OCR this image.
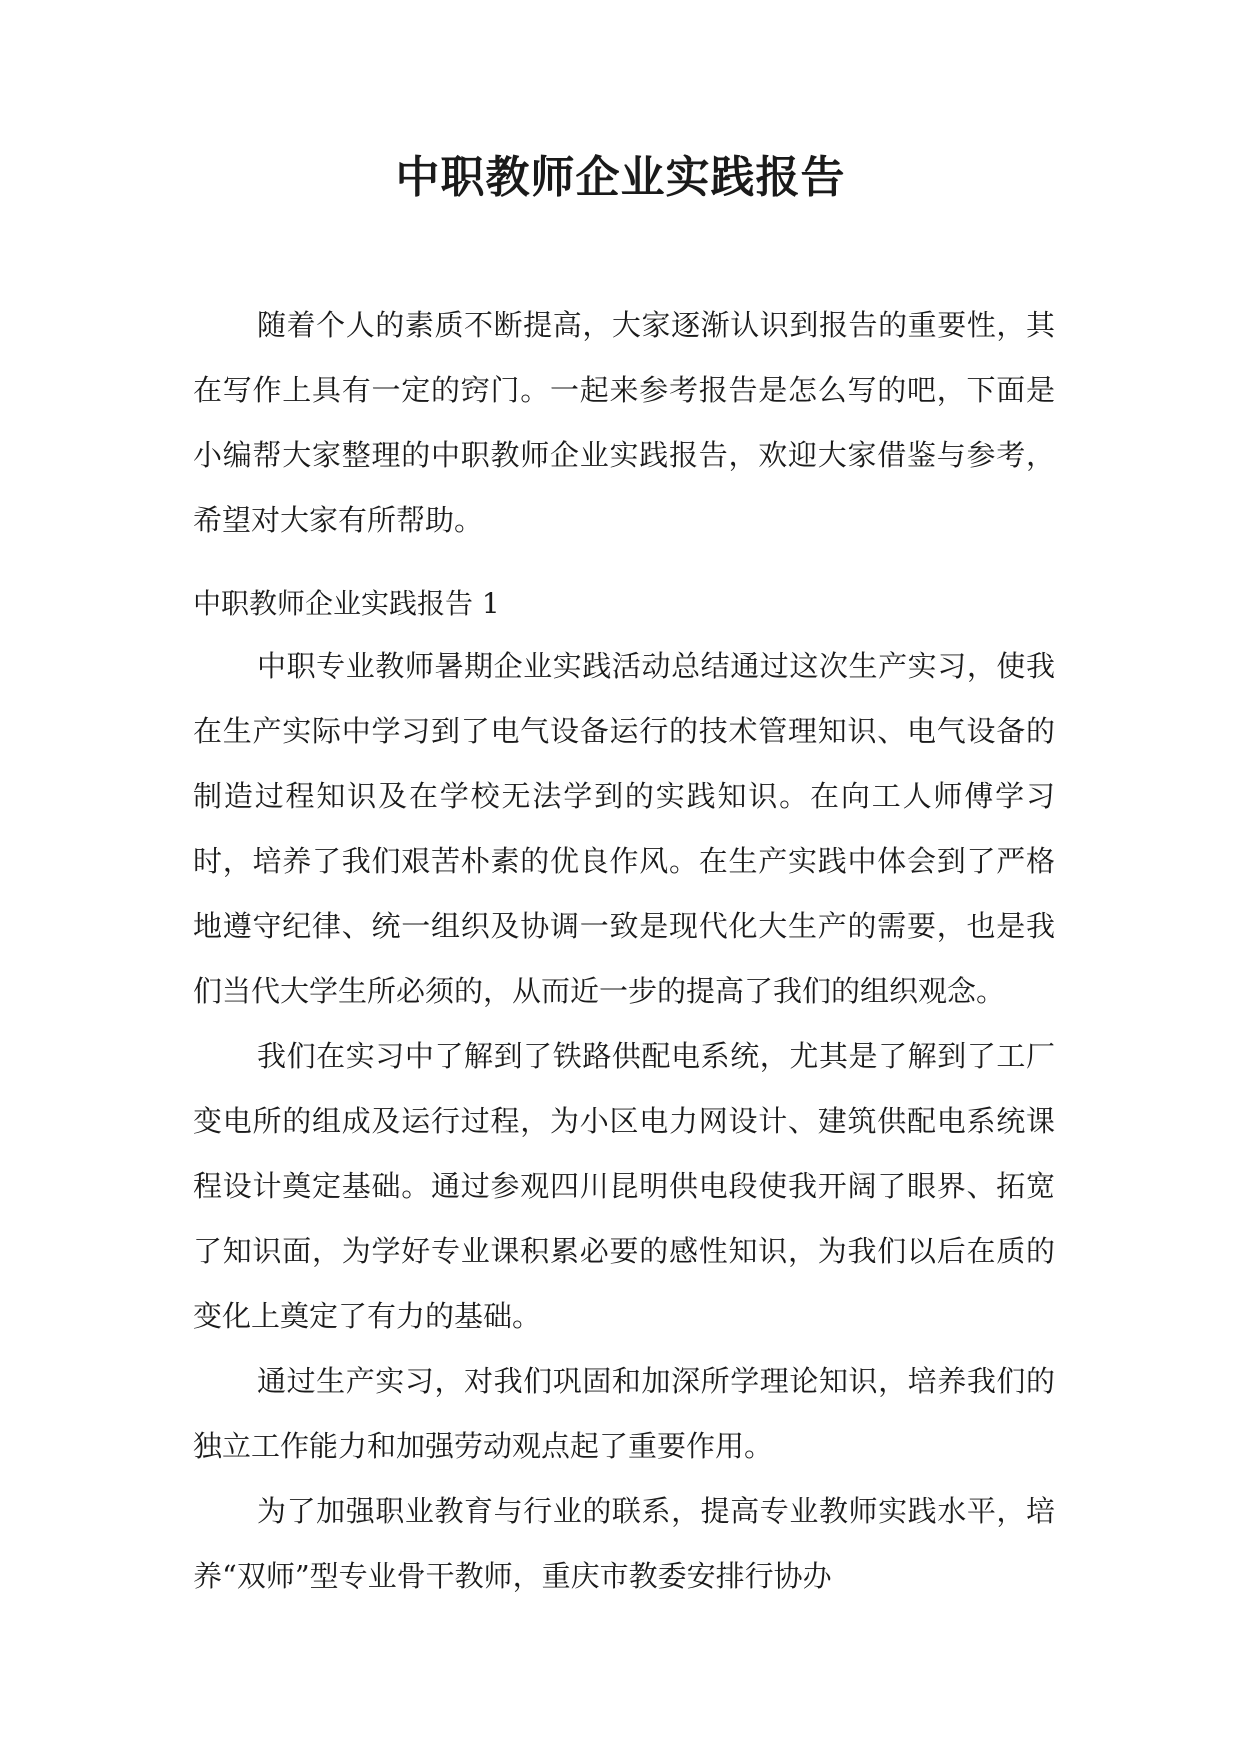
中职教师企业实践报告

随着个人的素质不断提高，大家逐渐认识到报告的重要性，其在写作上具有一定的窍门。一起来参考报告是怎么写的吧，下面是小编帮大家整理的中职教师企业实践报告，欢迎大家借鉴与参考，希望对大家有所帮助。

中职教师企业实践报告 1

中职专业教师暑期企业实践活动总结通过这次生产实习，使我在生产实际中学习到了电气设备运行的技术管理知识、电气设备的制造过程知识及在学校无法学到的实践知识。在向工人师傅学习时，培养了我们艰苦朴素的优良作风。在生产实践中体会到了严格地遵守纪律、统一组织及协调一致是现代化大生产的需要，也是我们当代大学生所必须的，从而近一步的提高了我们的组织观念。

我们在实习中了解到了铁路供配电系统，尤其是了解到了工厂变电所的组成及运行过程，为小区电力网设计、建筑供配电系统课程设计奠定基础。通过参观四川昆明供电段使我开阔了眼界、拓宽了知识面，为学好专业课积累必要的感性知识，为我们以后在质的变化上奠定了有力的基础。

通过生产实习，对我们巩固和加深所学理论知识，培养我们的独立工作能力和加强劳动观点起了重要作用。

为了加强职业教育与行业的联系，提高专业教师实践水平，培养“双师”型专业骨干教师，重庆市教委安排行协办
